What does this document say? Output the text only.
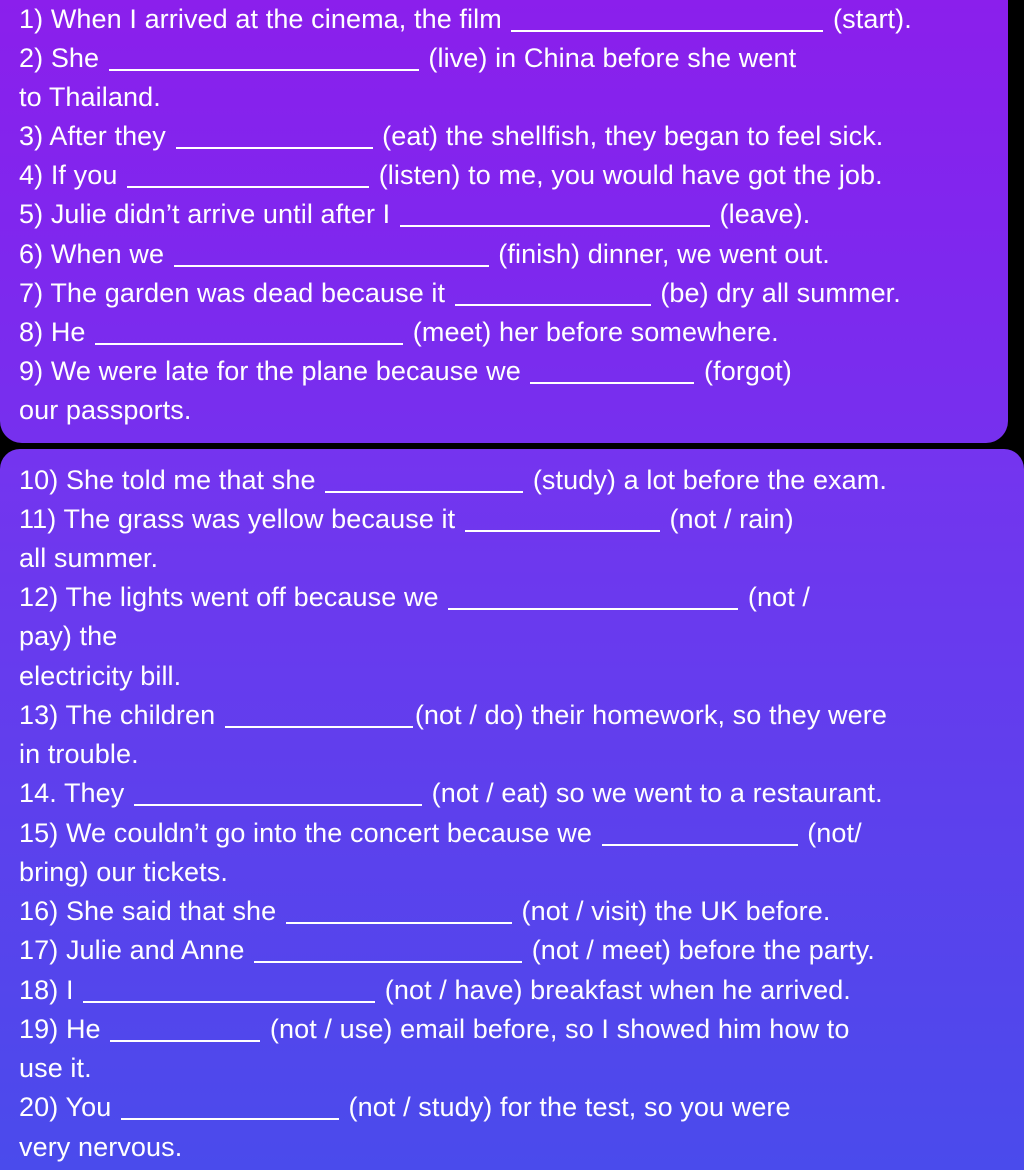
1) When I arrived at the cinema, the film	(start).
2) She	(live) in China before she went
to Thailand.
3) After they	(eat) the shellfish, they began to feel sick.
4) If you	(listen) to me, you would have got the job.
5) Julie didn’t arrive until after I	(leave).
6) When we	(finish) dinner, we went out.
7) The garden was dead because it	(be) dry all summer.
8) He	(meet) her before somewhere.
9) We were late for the plane because we	(forgot)
our passports.
10) She told me that she	(study) a lot before the exam.
11) The grass was yellow because it	(not / rain)
all summer.
12) The lights went off because we	(not /
pay) the
electricity bill.
13) The children	(not / do) their homework, so they were
in trouble.
14. They	(not / eat) so we went to a restaurant.
15) We couldn’t go into the concert because we	(not/
bring) our tickets.
16) She said that she	(not / visit) the UK before.
17) Julie and Anne	(not / meet) before the party.
18) I	(not / have) breakfast when he arrived.
19) He	(not / use) email before, so I showed him how to
use it.
20) You	(not / study) for the test, so you were
very nervous.
